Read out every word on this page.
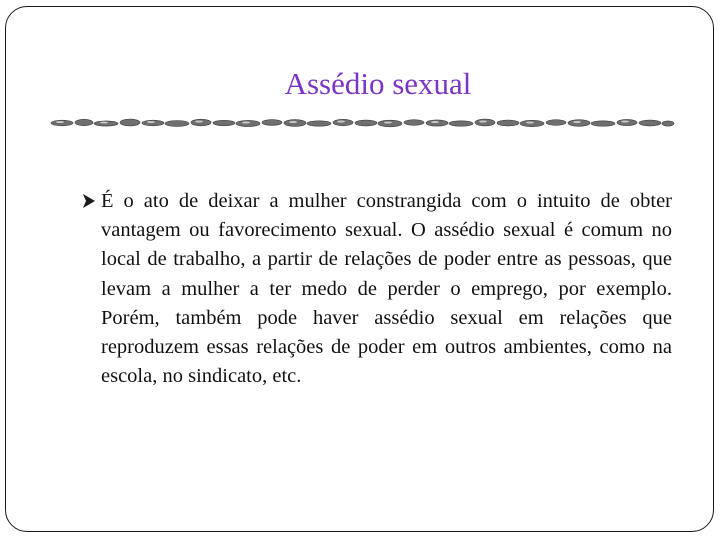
Assédio sexual

É o ato de deixar a mulher constrangida com o intuito de obter vantagem ou favorecimento sexual. O assédio sexual é comum no local de trabalho, a partir de relações de poder entre as pessoas, que levam a mulher a ter medo de perder o emprego, por exemplo. Porém, também pode haver assédio sexual em relações que reproduzem essas relações de poder em outros ambientes, como na escola, no sindicato, etc.
